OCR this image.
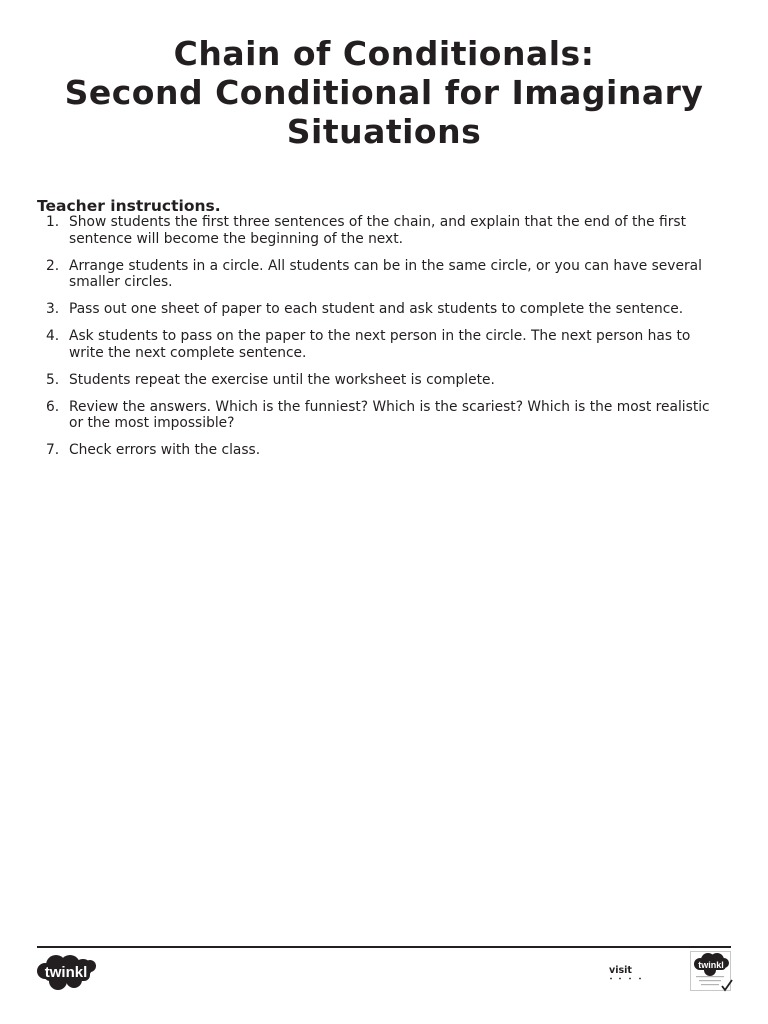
Chain of Conditionals:
Second Conditional for Imaginary
Situations
Teacher instructions.
1. Show students the first three sentences of the chain, and explain that the end of the first sentence will become the beginning of the next.
2. Arrange students in a circle. All students can be in the same circle, or you can have several smaller circles.
3. Pass out one sheet of paper to each student and ask students to complete the sentence.
4. Ask students to pass on the paper to the next person in the circle. The next person has to write the next complete sentence.
5. Students repeat the exercise until the worksheet is complete.
6. Review the answers. Which is the funniest? Which is the scariest? Which is the most realistic or the most impossible?
7. Check errors with the class.
twinkl	visit	twinkl
